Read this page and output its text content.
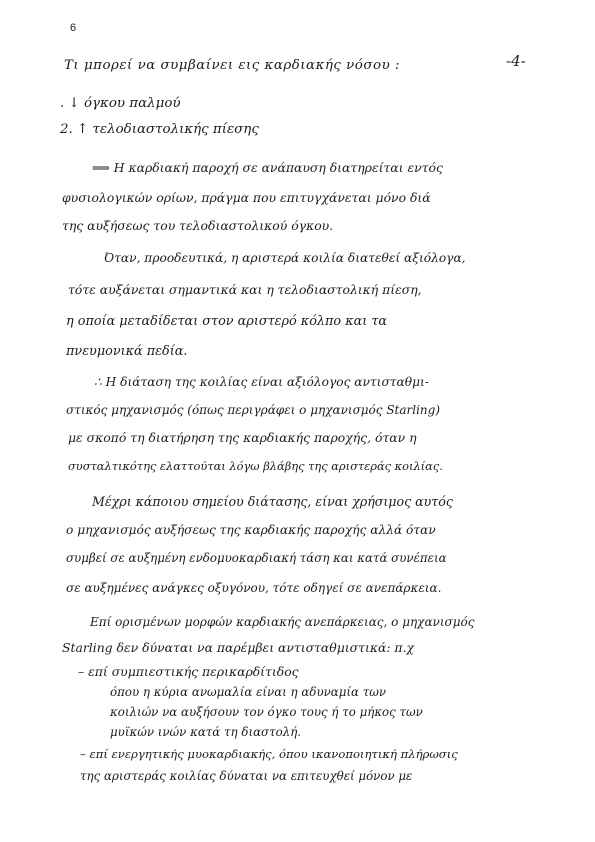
6
-4-
Τι μπορεί να συμβαίνει εις καρδιακής νόσου :
. ↓ όγκου παλμού
2. ↑ τελοδιαστολικής πίεσης
⟹ Η καρδιακή παροχή σε ανάπαυση διατηρείται εντός
φυσιολογικών ορίων, πράγμα που επιτυγχάνεται μόνο διά
της αυξήσεως του τελοδιαστολικού όγκου.
Όταν, προοδευτικά, η αριστερά κοιλία διατεθεί αξιόλογα,
τότε αυξάνεται σημαντικά και η τελοδιαστολική πίεση,
η οποία μεταδίδεται στον αριστερό κόλπο και τα
πνευμονικά πεδία.
∴ Η διάταση της κοιλίας είναι αξιόλογος αντισταθμι-
στικός μηχανισμός (όπως περιγράφει ο μηχανισμός Starling)
με σκοπό τη διατήρηση της καρδιακής παροχής, όταν η
συσταλτικότης ελαττούται λόγω βλάβης της αριστεράς κοιλίας.
Μέχρι κάποιου σημείου διάτασης, είναι χρήσιμος αυτός
ο μηχανισμός αυξήσεως της καρδιακής παροχής αλλά όταν
συμβεί σε αυξημένη ενδομυοκαρδιακή τάση και κατά συνέπεια
σε αυξημένες ανάγκες οξυγόνου, τότε οδηγεί σε ανεπάρκεια.
Επί ορισμένων μορφών καρδιακής ανεπάρκειας, ο μηχανισμός
Starling δεν δύναται να παρέμβει αντισταθμιστικά: π.χ
– επί συμπιεστικής περικαρδίτιδος
όπου η κύρια ανωμαλία είναι η αδυναμία των
κοιλιών να αυξήσουν τον όγκο τους ή το μήκος των
μυϊκών ινών κατά τη διαστολή.
– επί ενεργητικής μυοκαρδιακής, όπου ικανοποιητική πλήρωσις
της αριστεράς κοιλίας δύναται να επιτευχθεί μόνον με
